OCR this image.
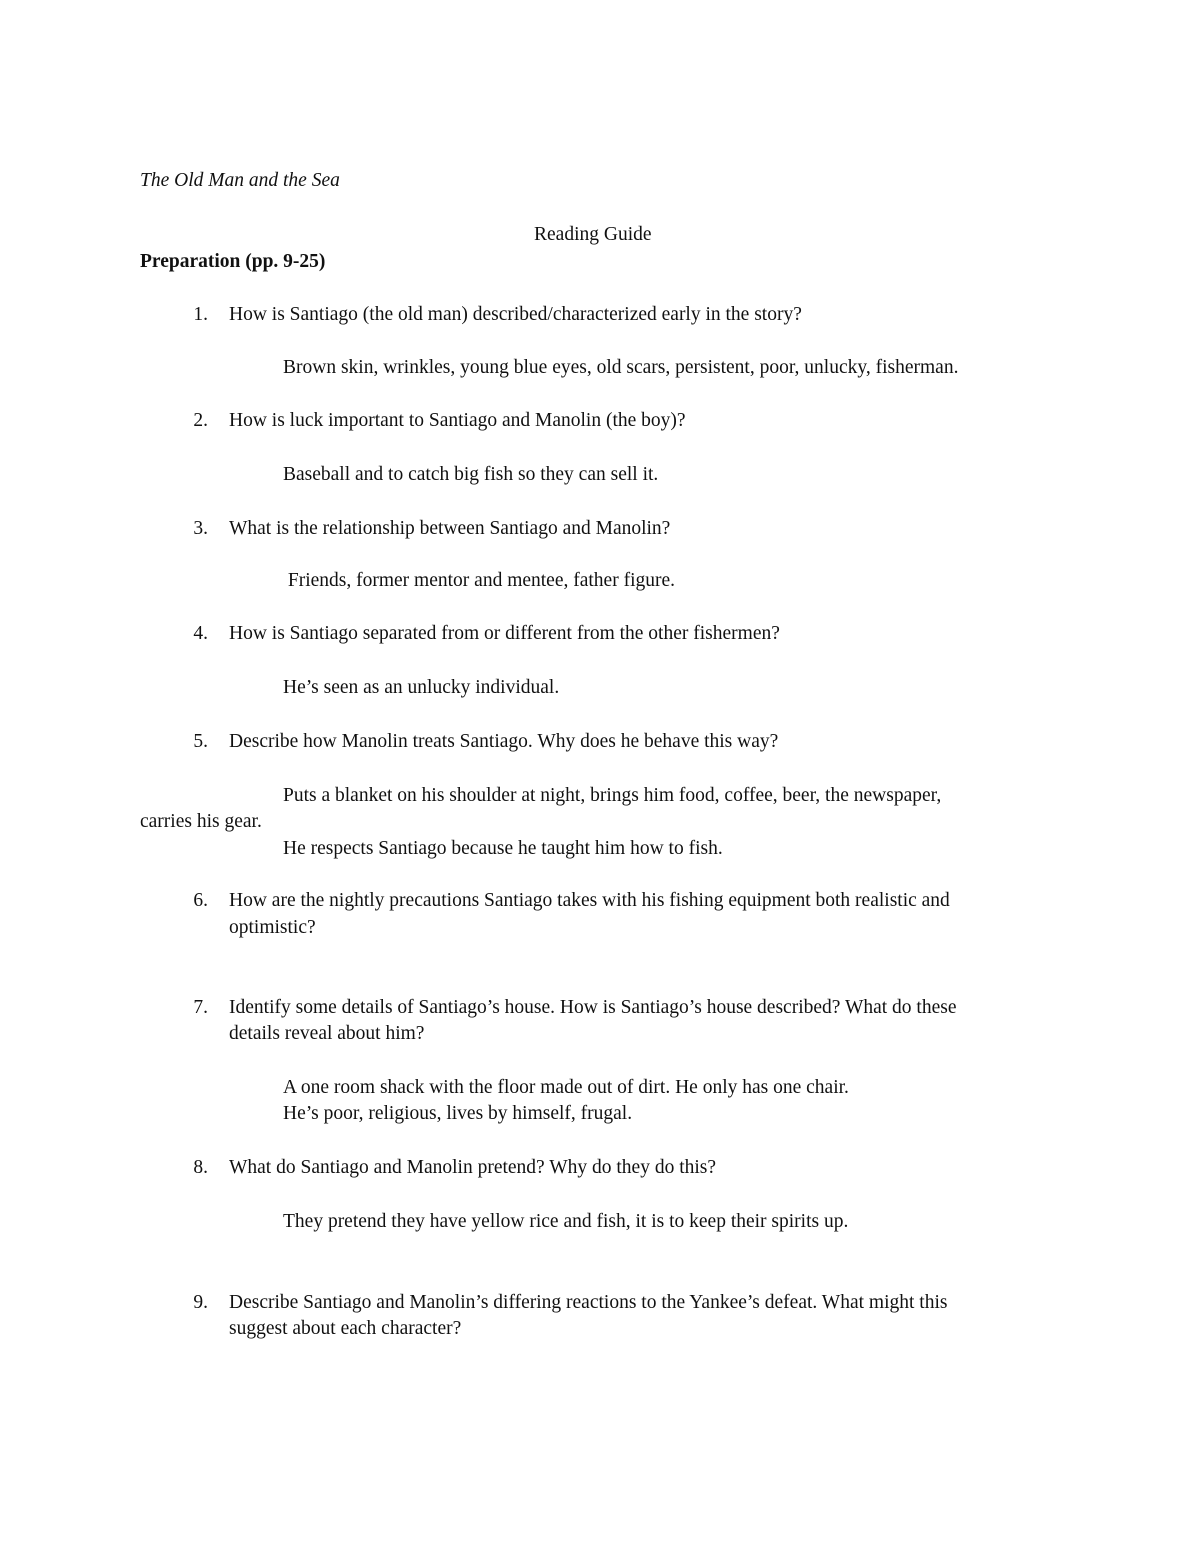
The Old Man and the Sea
Reading Guide
Preparation (pp. 9-25)
1. How is Santiago (the old man) described/characterized early in the story?
Brown skin, wrinkles, young blue eyes, old scars, persistent, poor, unlucky, fisherman.
2. How is luck important to Santiago and Manolin (the boy)?
Baseball and to catch big fish so they can sell it.
3. What is the relationship between Santiago and Manolin?
Friends, former mentor and mentee, father figure.
4. How is Santiago separated from or different from the other fishermen?
He’s seen as an unlucky individual.
5. Describe how Manolin treats Santiago. Why does he behave this way?
Puts a blanket on his shoulder at night, brings him food, coffee, beer, the newspaper,
carries his gear.
He respects Santiago because he taught him how to fish.
6. How are the nightly precautions Santiago takes with his fishing equipment both realistic and
optimistic?
7. Identify some details of Santiago’s house. How is Santiago’s house described? What do these
details reveal about him?
A one room shack with the floor made out of dirt. He only has one chair.
He’s poor, religious, lives by himself, frugal.
8. What do Santiago and Manolin pretend? Why do they do this?
They pretend they have yellow rice and fish, it is to keep their spirits up.
9. Describe Santiago and Manolin’s differing reactions to the Yankee’s defeat. What might this
suggest about each character?
